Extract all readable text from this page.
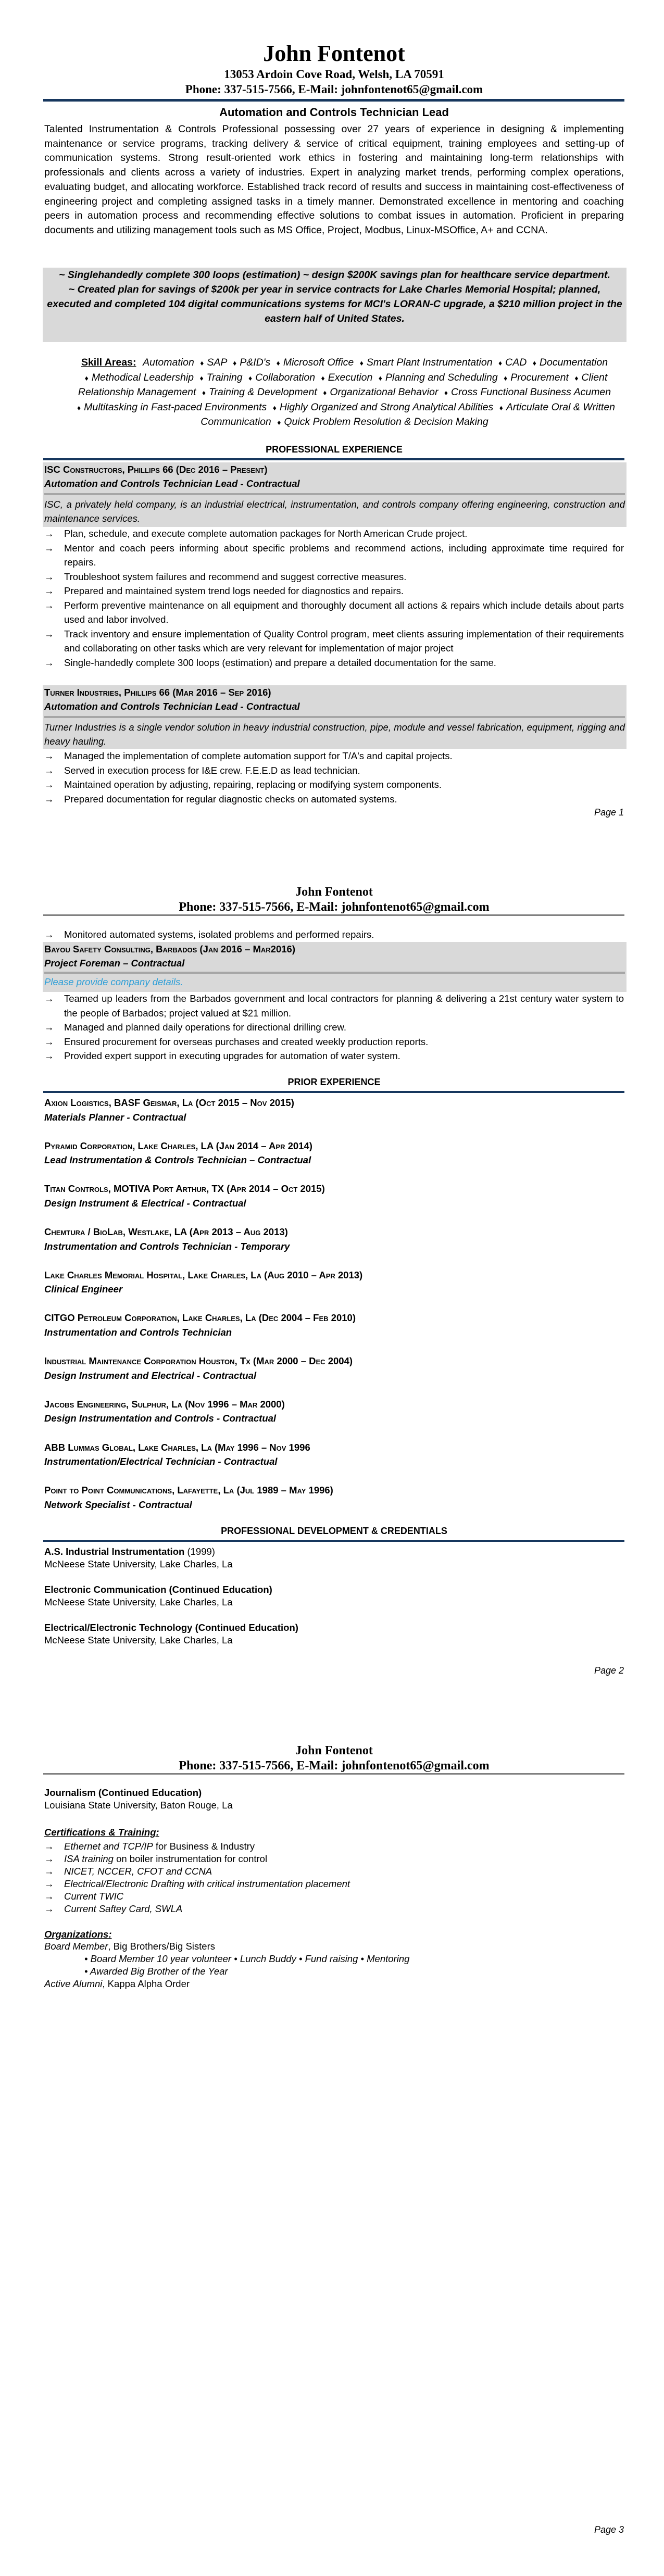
John Fontenot
13053 Ardoin Cove Road, Welsh, LA 70591
Phone: 337-515-7566, E-Mail: johnfontenot65@gmail.com
Automation and Controls Technician Lead
Talented Instrumentation & Controls Professional possessing over 27 years of experience in designing & implementing maintenance or service programs, tracking delivery & service of critical equipment, training employees and setting-up of communication systems. Strong result-oriented work ethics in fostering and maintaining long-term relationships with professionals and clients across a variety of industries. Expert in analyzing market trends, performing complex operations, evaluating budget, and allocating workforce. Established track record of results and success in maintaining cost-effectiveness of engineering project and completing assigned tasks in a timely manner. Demonstrated excellence in mentoring and coaching peers in automation process and recommending effective solutions to combat issues in automation. Proficient in preparing documents and utilizing management tools such as MS Office, Project, Modbus, Linux-MSOffice, A+ and CCNA.
~ Singlehandedly complete 300 loops (estimation) ~ design $200K savings plan for healthcare service department.
~ Created plan for savings of $200k per year in service contracts for Lake Charles Memorial Hospital; planned, executed and completed 104 digital communications systems for MCI's LORAN-C upgrade, a $210 million project in the eastern half of United States.
Skill Areas: Automation ♦ SAP ♦ P&ID's ♦ Microsoft Office ♦ Smart Plant Instrumentation ♦ CAD ♦ Documentation ♦ Methodical Leadership ♦ Training ♦ Collaboration ♦ Execution ♦ Planning and Scheduling ♦ Procurement ♦ Client Relationship Management ♦ Training & Development ♦ Organizational Behavior ♦ Cross Functional Business Acumen ♦ Multitasking in Fast-paced Environments ♦ Highly Organized and Strong Analytical Abilities ♦ Articulate Oral & Written Communication ♦ Quick Problem Resolution & Decision Making
PROFESSIONAL EXPERIENCE
ISC Constructors, Phillips 66 (Dec 2016 – Present)
Automation and Controls Technician Lead - Contractual
ISC, a privately held company, is an industrial electrical, instrumentation, and controls company offering engineering, construction and maintenance services.
→ Plan, schedule, and execute complete automation packages for North American Crude project.
→ Mentor and coach peers informing about specific problems and recommend actions, including approximate time required for repairs.
→ Troubleshoot system failures and recommend and suggest corrective measures.
→ Prepared and maintained system trend logs needed for diagnostics and repairs.
→ Perform preventive maintenance on all equipment and thoroughly document all actions & repairs which include details about parts used and labor involved.
→ Track inventory and ensure implementation of Quality Control program, meet clients assuring implementation of their requirements and collaborating on other tasks which are very relevant for implementation of major project
→ Single-handedly complete 300 loops (estimation) and prepare a detailed documentation for the same.
Turner Industries, Phillips 66 (Mar 2016 – Sep 2016)
Automation and Controls Technician Lead - Contractual
Turner Industries is a single vendor solution in heavy industrial construction, pipe, module and vessel fabrication, equipment, rigging and heavy hauling.
→ Managed the implementation of complete automation support for T/A's and capital projects.
→ Served in execution process for I&E crew. F.E.E.D as lead technician.
→ Maintained operation by adjusting, repairing, replacing or modifying system components.
→ Prepared documentation for regular diagnostic checks on automated systems.
Page 1
John Fontenot
Phone: 337-515-7566, E-Mail: johnfontenot65@gmail.com
→ Monitored automated systems, isolated problems and performed repairs.
Bayou Safety Consulting, Barbados (Jan 2016 – Mar2016)
Project Foreman – Contractual
Please provide company details.
→ Teamed up leaders from the Barbados government and local contractors for planning & delivering a 21st century water system to the people of Barbados; project valued at $21 million.
→ Managed and planned daily operations for directional drilling crew.
→ Ensured procurement for overseas purchases and created weekly production reports.
→ Provided expert support in executing upgrades for automation of water system.
PRIOR EXPERIENCE
Axion Logistics, BASF Geismar, La (Oct 2015 – Nov 2015)
Materials Planner - Contractual
Pyramid Corporation, Lake Charles, LA (Jan 2014 – Apr 2014)
Lead Instrumentation & Controls Technician – Contractual
Titan Controls, MOTIVA Port Arthur, TX (Apr 2014 – Oct 2015)
Design Instrument & Electrical - Contractual
Chemtura / BioLab, Westlake, LA (Apr 2013 – Aug 2013)
Instrumentation and Controls Technician - Temporary
Lake Charles Memorial Hospital, Lake Charles, La (Aug 2010 – Apr 2013)
Clinical Engineer
CITGO Petroleum Corporation, Lake Charles, La (Dec 2004 – Feb 2010)
Instrumentation and Controls Technician
Industrial Maintenance Corporation Houston, Tx (Mar 2000 – Dec 2004)
Design Instrument and Electrical - Contractual
Jacobs Engineering, Sulphur, La (Nov 1996 – Mar 2000)
Design Instrumentation and Controls - Contractual
ABB Lummas Global, Lake Charles, La (May 1996 – Nov 1996
Instrumentation/Electrical Technician - Contractual
Point to Point Communications, Lafayette, La (Jul 1989 – May 1996)
Network Specialist - Contractual
PROFESSIONAL DEVELOPMENT & CREDENTIALS
A.S. Industrial Instrumentation (1999)
McNeese State University, Lake Charles, La
Electronic Communication (Continued Education)
McNeese State University, Lake Charles, La
Electrical/Electronic Technology (Continued Education)
McNeese State University, Lake Charles, La
Page 2
John Fontenot
Phone: 337-515-7566, E-Mail: johnfontenot65@gmail.com
Journalism (Continued Education)
Louisiana State University, Baton Rouge, La
Certifications & Training:
→ Ethernet and TCP/IP for Business & Industry
→ ISA training on boiler instrumentation for control
→ NICET, NCCER, CFOT and CCNA
→ Electrical/Electronic Drafting with critical instrumentation placement
→ Current TWIC
→ Current Saftey Card, SWLA
Organizations:
Board Member, Big Brothers/Big Sisters
• Board Member 10 year volunteer • Lunch Buddy • Fund raising • Mentoring
• Awarded Big Brother of the Year
Active Alumni, Kappa Alpha Order
Page 3
